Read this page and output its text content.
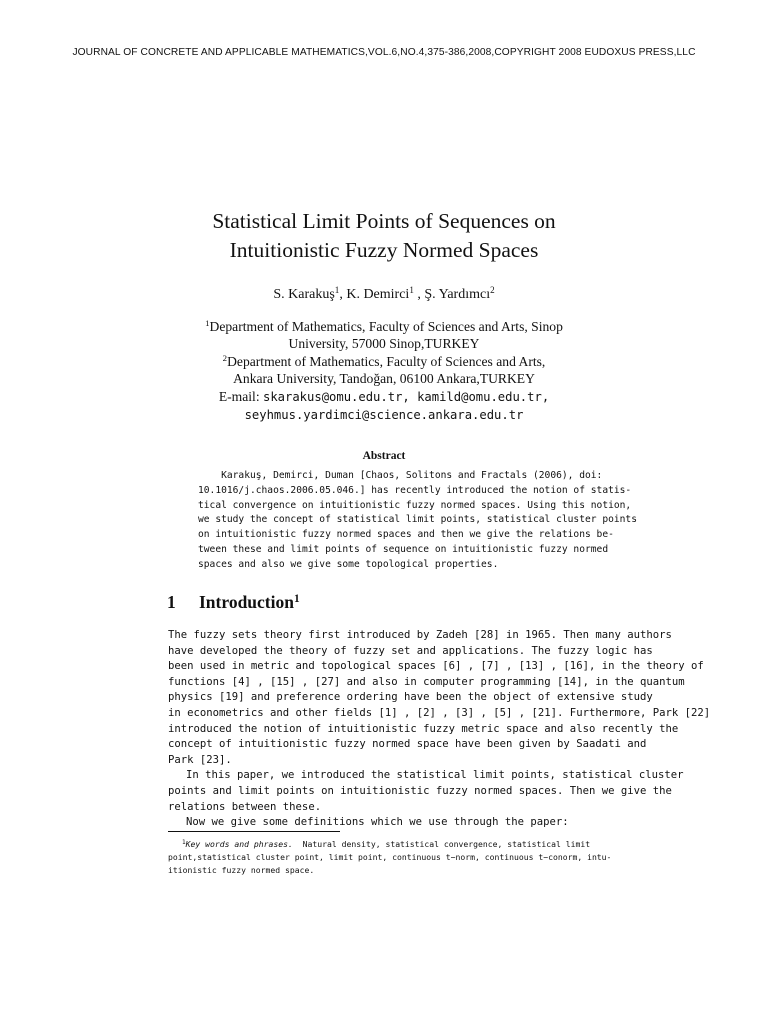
JOURNAL OF CONCRETE AND APPLICABLE MATHEMATICS,VOL.6,NO.4,375-386,2008,COPYRIGHT 2008 EUDOXUS PRESS,LLC
Statistical Limit Points of Sequences on
Intuitionistic Fuzzy Normed Spaces
S. Karakuş$^1$, K. Demirci$^1$ , Ş. Yardımcı$^2$
$^1$Department of Mathematics, Faculty of Sciences and Arts, Sinop
University, 57000 Sinop,TURKEY
$^2$Department of Mathematics, Faculty of Sciences and Arts,
Ankara University, Tandoğan, 06100 Ankara,TURKEY
E-mail: skarakus@omu.edu.tr, kamild@omu.edu.tr,
seyhmus.yardimci@science.ankara.edu.tr
Abstract
Karakuş, Demirci, Duman [Chaos, Solitons and Fractals (2006), doi:
10.1016/j.chaos.2006.05.046.] has recently introduced the notion of statis-
tical convergence on intuitionistic fuzzy normed spaces. Using this notion,
we study the concept of statistical limit points, statistical cluster points
on intuitionistic fuzzy normed spaces and then we give the relations be-
tween these and limit points of sequence on intuitionistic fuzzy normed
spaces and also we give some topological properties.
1 Introduction$^1$
The fuzzy sets theory first introduced by Zadeh [28] in 1965. Then many authors
have developed the theory of fuzzy set and applications. The fuzzy logic has
been used in metric and topological spaces [6] , [7] , [13] , [16], in the theory of
functions [4] , [15] , [27] and also in computer programming [14], in the quantum
physics [19] and preference ordering have been the object of extensive study
in econometrics and other fields [1] , [2] , [3] , [5] , [21]. Furthermore, Park [22]
introduced the notion of intuitionistic fuzzy metric space and also recently the
concept of intuitionistic fuzzy normed space have been given by Saadati and
Park [23].
In this paper, we introduced the statistical limit points, statistical cluster
points and limit points on intuitionistic fuzzy normed spaces. Then we give the
relations between these.
Now we give some definitions which we use through the paper:
$^1$Key words and phrases.  Natural density, statistical convergence, statistical limit
point,statistical cluster point, limit point, continuous t−norm, continuous t−conorm, intu-
itionistic fuzzy normed space.
